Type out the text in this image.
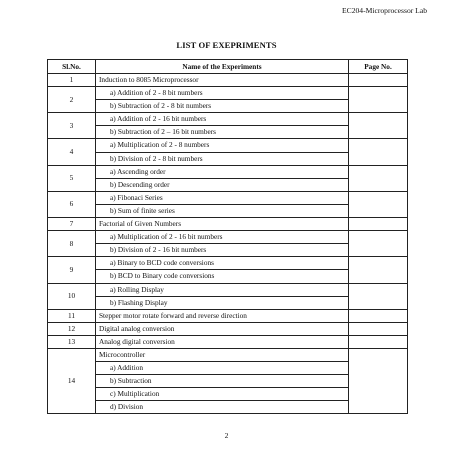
EC204-Microprocessor Lab
LIST OF EXEPRIMENTS
Sl.No.	Name of the Experiments	Page No.
1	Induction to 8085 Microprocessor	
2	a) Addition of 2 - 8 bit numbers	
	b) Subtraction of 2 - 8 bit numbers	
3	a) Addition of 2 - 16 bit numbers	
	b) Subtraction of 2 – 16 bit numbers	
4	a) Multiplication of 2 - 8 numbers	
	b) Division of 2 - 8 bit numbers	
5	a) Ascending order	
	b) Descending order	
6	a) Fibonaci Series	
	b) Sum of finite series	
7	Factorial of Given Numbers	
8	a) Multiplication of 2 - 16 bit numbers	
	b) Division of 2 - 16 bit numbers	
9	a) Binary to BCD code conversions	
	b) BCD to Binary code conversions	
10	a) Rolling Display	
	b) Flashing Display	
11	Stepper motor rotate forward and reverse direction	
12	Digital analog conversion	
13	Analog digital conversion	
14	Microcontroller	
	a) Addition	
	b) Subtraction	
	c) Multiplication	
	d) Division	
2
